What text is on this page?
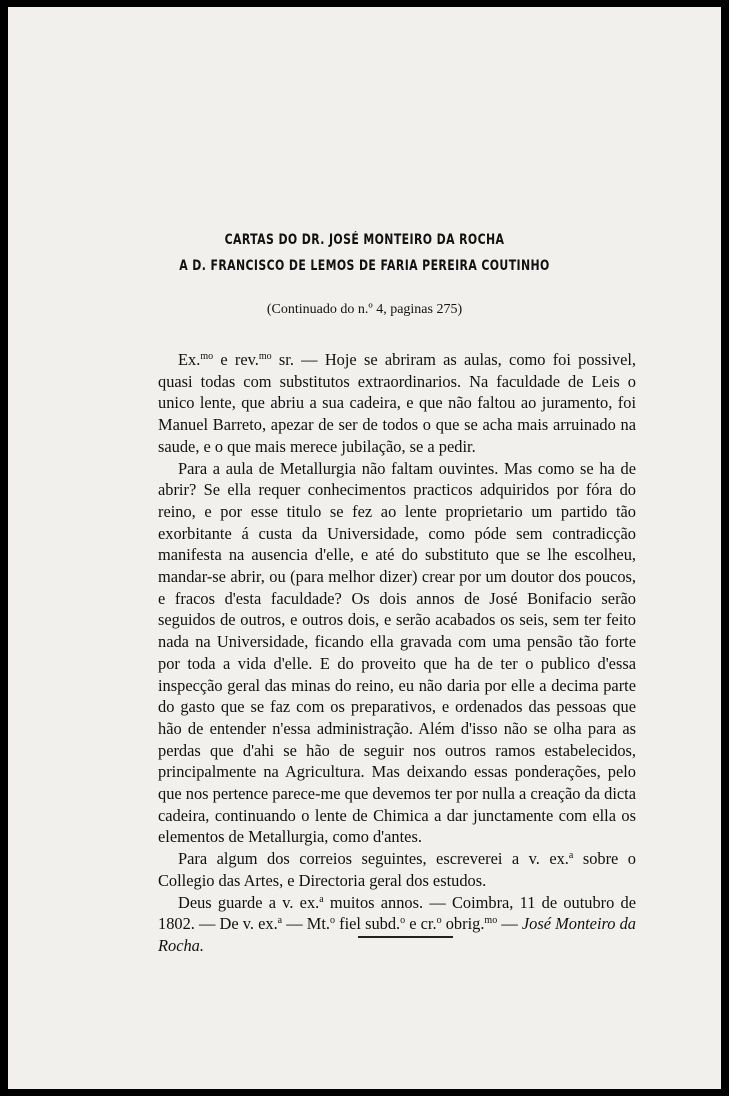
CARTAS DO DR. JOSÉ MONTEIRO DA ROCHA
A D. FRANCISCO DE LEMOS DE FARIA PEREIRA COUTINHO
(Continuado do n.º 4, paginas 275)

Ex.$^{mo}$ e rev.$^{mo}$ sr. — Hoje se abriram as aulas, como foi possivel, quasi todas com substitutos extraordinarios. Na faculdade de Leis o unico lente, que abriu a sua cadeira, e que não faltou ao juramento, foi Manuel Barreto, apezar de ser de todos o que se acha mais arruinado na saude, e o que mais merece jubilação, se a pedir.

Para a aula de Metallurgia não faltam ouvintes. Mas como se ha de abrir? Se ella requer conhecimentos practicos adquiridos por fóra do reino, e por esse titulo se fez ao lente proprietario um partido tão exorbitante á custa da Universidade, como póde sem contradicção manifesta na ausencia d'elle, e até do substituto que se lhe escolheu, mandar-se abrir, ou (para melhor dizer) crear por um doutor dos poucos, e fracos d'esta faculdade? Os dois annos de José Bonifacio serão seguidos de outros, e outros dois, e serão acabados os seis, sem ter feito nada na Universidade, ficando ella gravada com uma pensão tão forte por toda a vida d'elle. E do proveito que ha de ter o publico d'essa inspecção geral das minas do reino, eu não daria por elle a decima parte do gasto que se faz com os preparativos, e ordenados das pessoas que hão de entender n'essa administração. Além d'isso não se olha para as perdas que d'ahi se hão de seguir nos outros ramos estabelecidos, principalmente na Agricultura. Mas deixando essas ponderações, pelo que nos pertence parece-me que devemos ter por nulla a creação da dicta cadeira, continuando o lente de Chimica a dar junctamente com ella os elementos de Metallurgia, como d'antes.

Para algum dos correios seguintes, escreverei a v. ex.$^a$ sobre o Collegio das Artes, e Directoria geral dos estudos.

Deus guarde a v. ex.$^a$ muitos annos. — Coimbra, 11 de outubro de 1802. — De v. ex.$^a$ — Mt.$^o$ fiel subd.$^o$ e cr.$^o$ obrig.$^{mo}$ — José Monteiro da Rocha.
